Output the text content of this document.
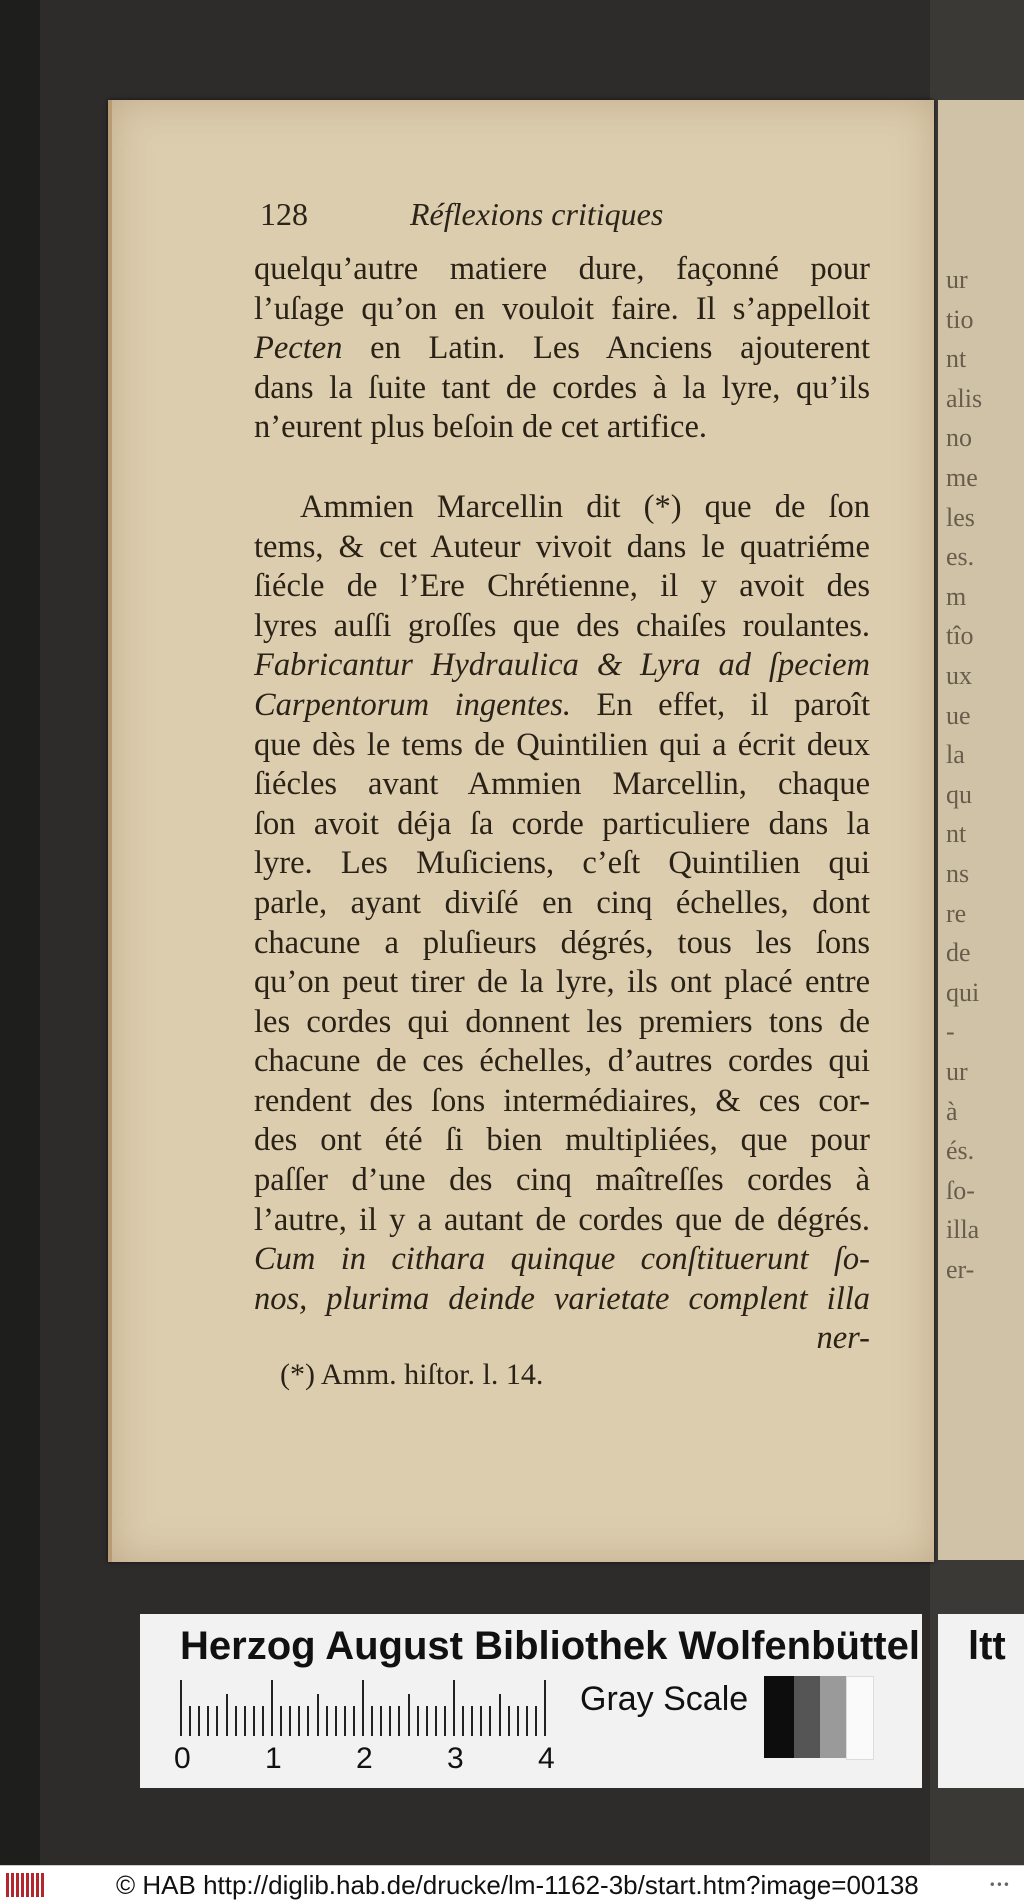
ur
tio
nt
alis
no
me
les
es.
m
tîo
ux
ue
la
qu
nt
ns
re
de
qui
-
ur
à
és.
ſo-
illa
er-
128	Réflexions critiques
quelqu’autre matiere dure, façonné pour
l’uſage qu’on en vouloit faire. Il s’appelloit
Pecten en Latin. Les Anciens ajouterent
dans la ſuite tant de cordes à la lyre, qu’ils
n’eurent plus beſoin de cet artifice.
Ammien Marcellin dit (*) que de ſon
tems, & cet Auteur vivoit dans le quatriéme
ſiécle de l’Ere Chrétienne, il y avoit des
lyres auſſi groſſes que des chaiſes roulantes.
Fabricantur Hydraulica & Lyra ad ſpeciem
Carpentorum ingentes. En effet, il paroît
que dès le tems de Quintilien qui a écrit deux
ſiécles avant Ammien Marcellin, chaque
ſon avoit déja ſa corde particuliere dans la
lyre. Les Muſiciens, c’eſt Quintilien qui
parle, ayant diviſé en cinq échelles, dont
chacune a pluſieurs dégrés, tous les ſons
qu’on peut tirer de la lyre, ils ont placé entre
les cordes qui donnent les premiers tons de
chacune de ces échelles, d’autres cordes qui
rendent des ſons intermédiaires, & ces cor-
des ont été ſi bien multipliées, que pour
paſſer d’une des cinq maîtreſſes cordes à
l’autre, il y a autant de cordes que de dégrés.
Cum in cithara quinque conſtituerunt ſo-
nos, plurima deinde varietate complent illa
ner-
(*) Amm. hiſtor. l. 14.
Herzog August Bibliothek Wolfenbüttel
0 1 2 3 4
Gray Scale
ltt
© HAB http://diglib.hab.de/drucke/lm-1162-3b/start.htm?image=00138	•••
